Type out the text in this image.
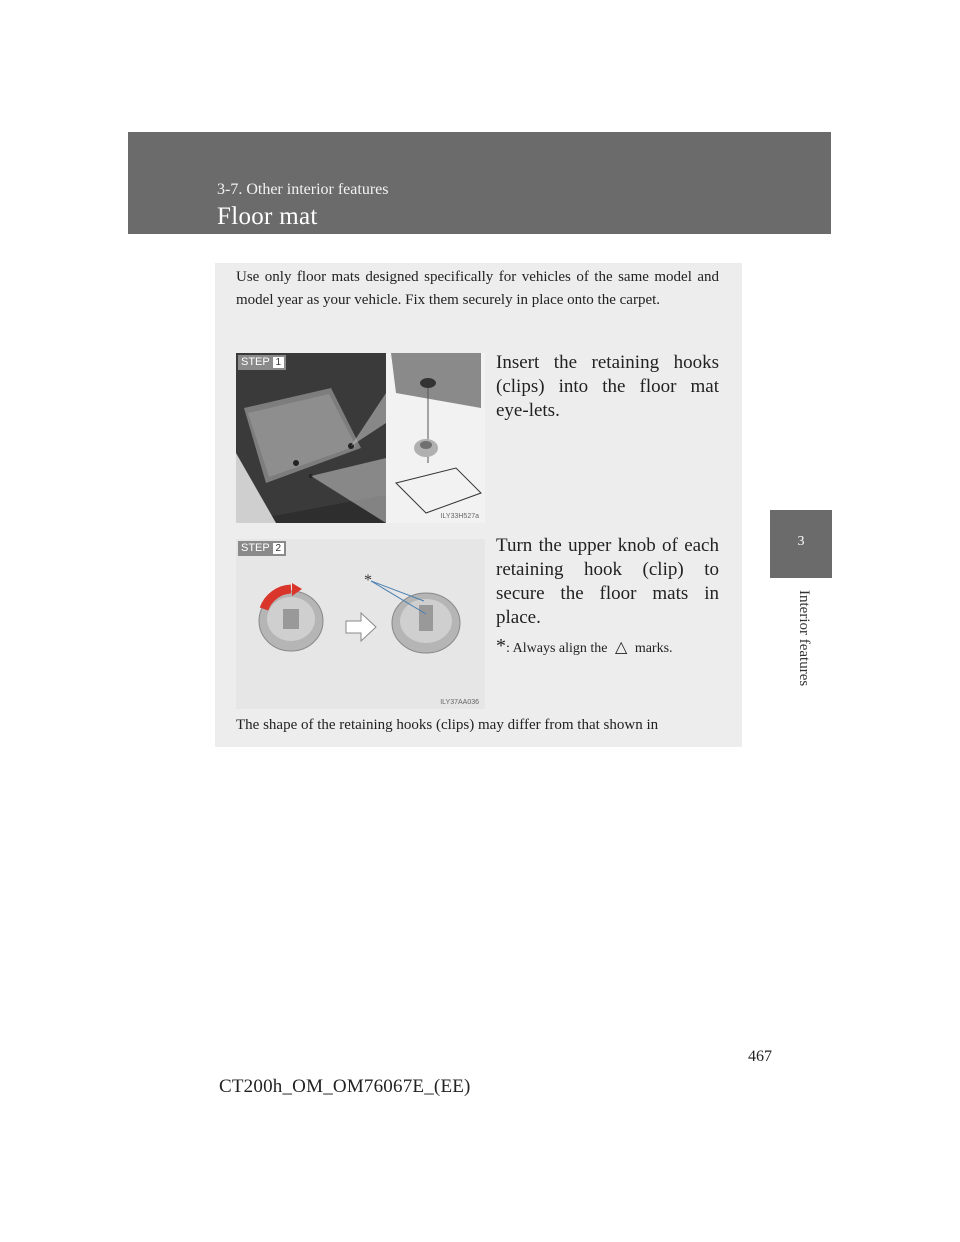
3-7. Other interior features
Floor mat
3
Interior features

Use only floor mats designed specifically for vehicles of the same model and model year as your vehicle. Fix them securely in place onto the carpet.

STEP 1
ILY33H527a

Insert the retaining hooks (clips) into the floor mat eye-lets.

*
STEP 2
ILY37AA036

Turn the upper knob of each retaining hook (clip) to secure the floor mats in place.

*: Always align the △ marks.
The shape of the retaining hooks (clips) may differ from that shown in
467
CT200h_OM_OM76067E_(EE)
